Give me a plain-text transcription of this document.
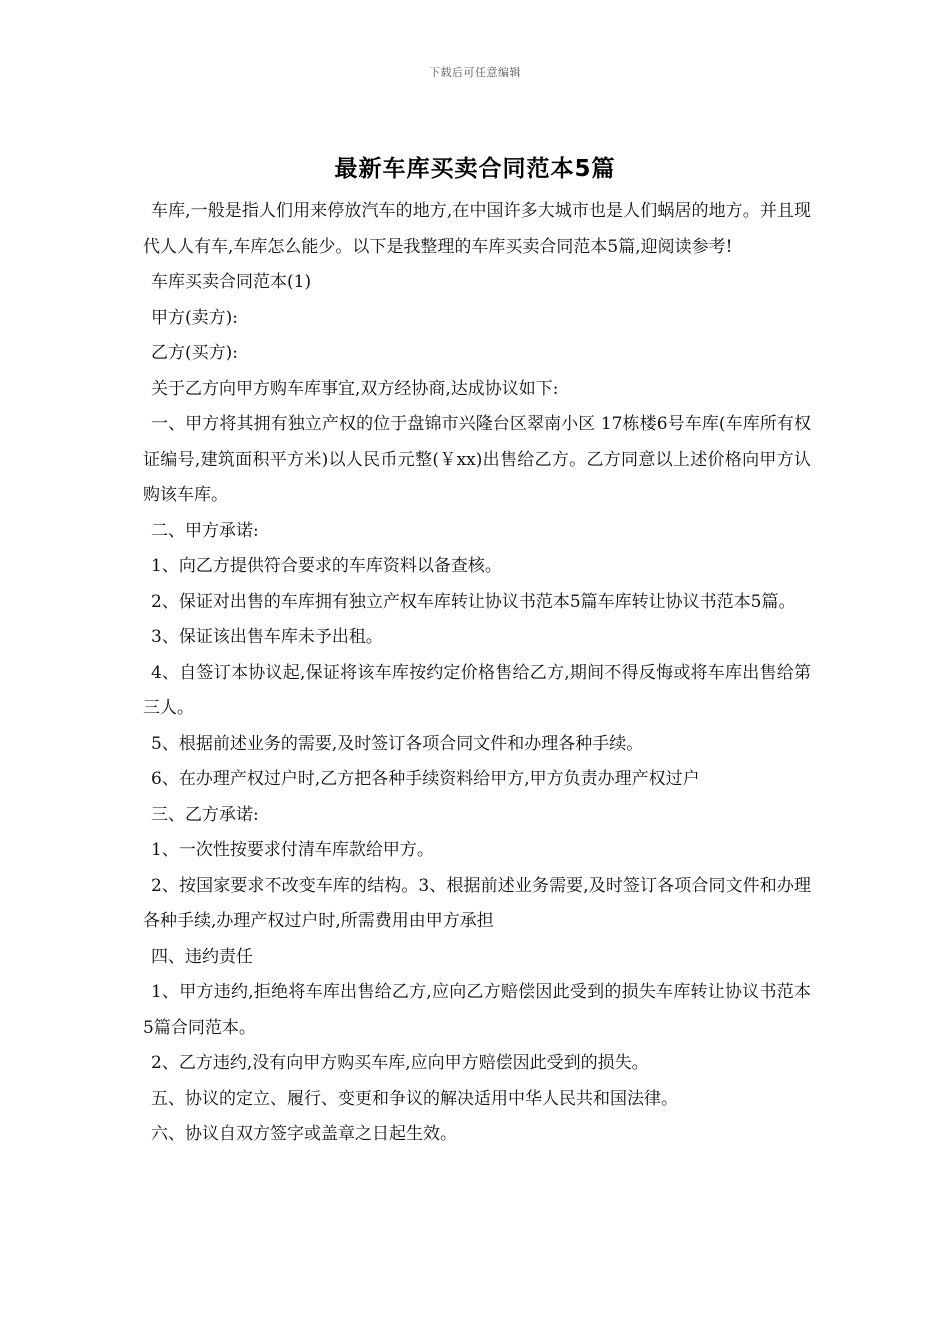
下载后可任意编辑
最新车库买卖合同范本5篇

车库,一般是指人们用来停放汽车的地方,在中国许多大城市也是人们蜗居的地方。并且现代人人有车,车库怎么能少。以下是我整理的车库买卖合同范本5篇,迎阅读参考!

车库买卖合同范本(1)

甲方(卖方):

乙方(买方):

关于乙方向甲方购车库事宜,双方经协商,达成协议如下:

一、甲方将其拥有独立产权的位于盘锦市兴隆台区翠南小区 17栋楼6号车库(车库所有权证编号,建筑面积平方米)以人民币元整(￥xx)出售给乙方。乙方同意以上述价格向甲方认购该车库。

二、甲方承诺:

1、向乙方提供符合要求的车库资料以备查核。

2、保证对出售的车库拥有独立产权车库转让协议书范本5篇车库转让协议书范本5篇。

3、保证该出售车库未予出租。

4、自签订本协议起,保证将该车库按约定价格售给乙方,期间不得反悔或将车库出售给第三人。

5、根据前述业务的需要,及时签订各项合同文件和办理各种手续。

6、在办理产权过户时,乙方把各种手续资料给甲方,甲方负责办理产权过户

三、乙方承诺:

1、一次性按要求付清车库款给甲方。

2、按国家要求不改变车库的结构。3、根据前述业务需要,及时签订各项合同文件和办理各种手续,办理产权过户时,所需费用由甲方承担

四、违约责任

1、甲方违约,拒绝将车库出售给乙方,应向乙方赔偿因此受到的损失车库转让协议书范本5篇合同范本。

2、乙方违约,没有向甲方购买车库,应向甲方赔偿因此受到的损失。

五、协议的定立、履行、变更和争议的解决适用中华人民共和国法律。

六、协议自双方签字或盖章之日起生效。
